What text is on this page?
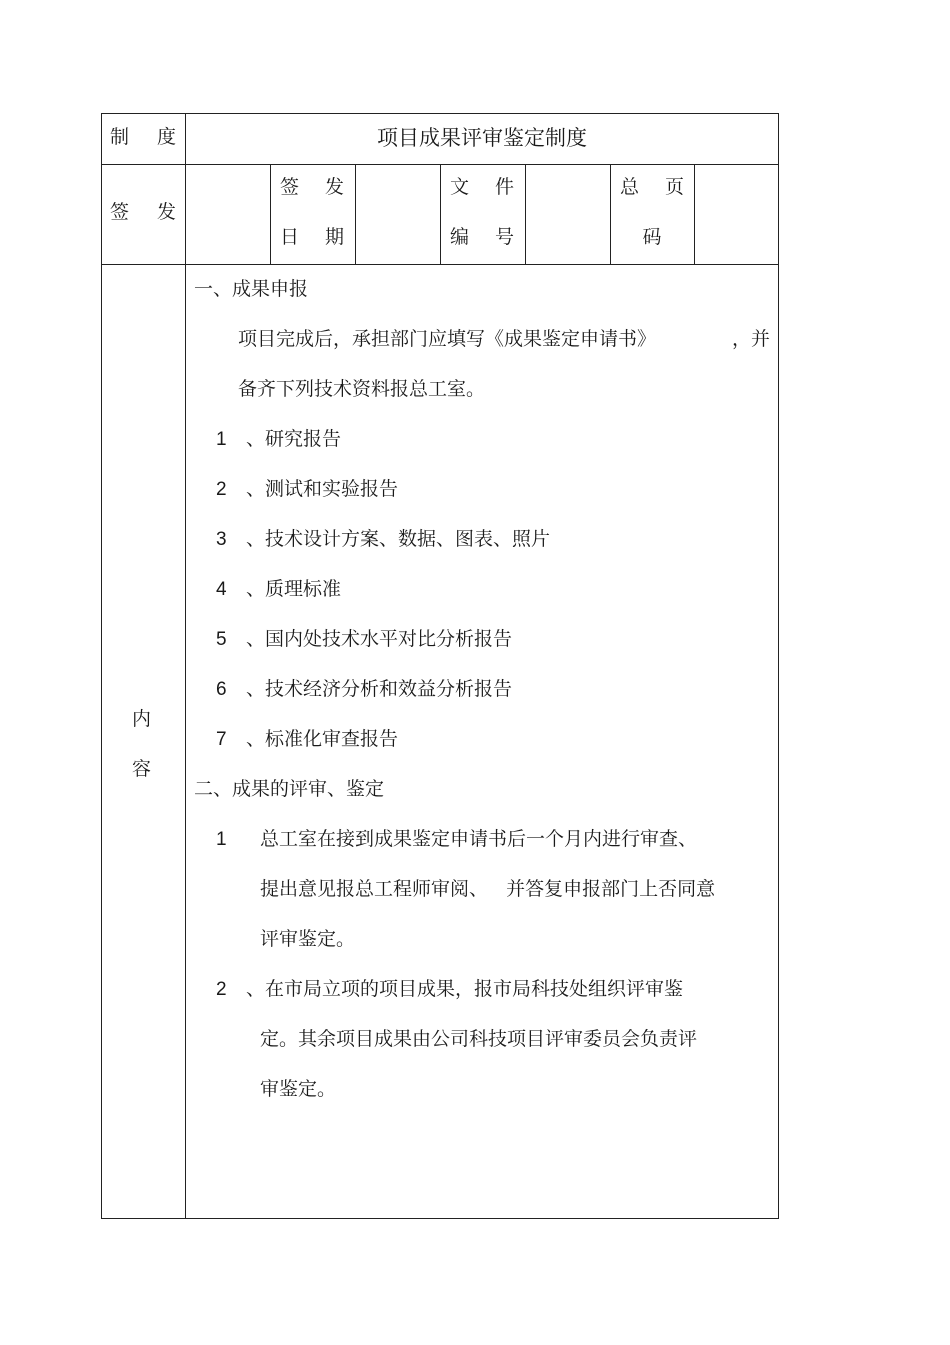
制 度	项目成果评审鉴定制度
签 发
签 发
日 期
文 件
编 号
总 页
码
内
容
一、成果申报
项目完成后，承担部门应填写《成果鉴定申请书》	，并
备齐下列技术资料报总工室。
1 、研究报告
2 、测试和实验报告
3 、技术设计方案、数据、图表、照片
4 、质理标准
5 、国内处技术水平对比分析报告
6 、技术经济分析和效益分析报告
7 、标准化审查报告
二、成果的评审、鉴定
1 总工室在接到成果鉴定申请书后一个月内进行审查、
提出意见报总工程师审阅、   并答复申报部门上否同意
评审鉴定。
2 、在市局立项的项目成果，报市局科技处组织评审鉴
定。其余项目成果由公司科技项目评审委员会负责评
审鉴定。
